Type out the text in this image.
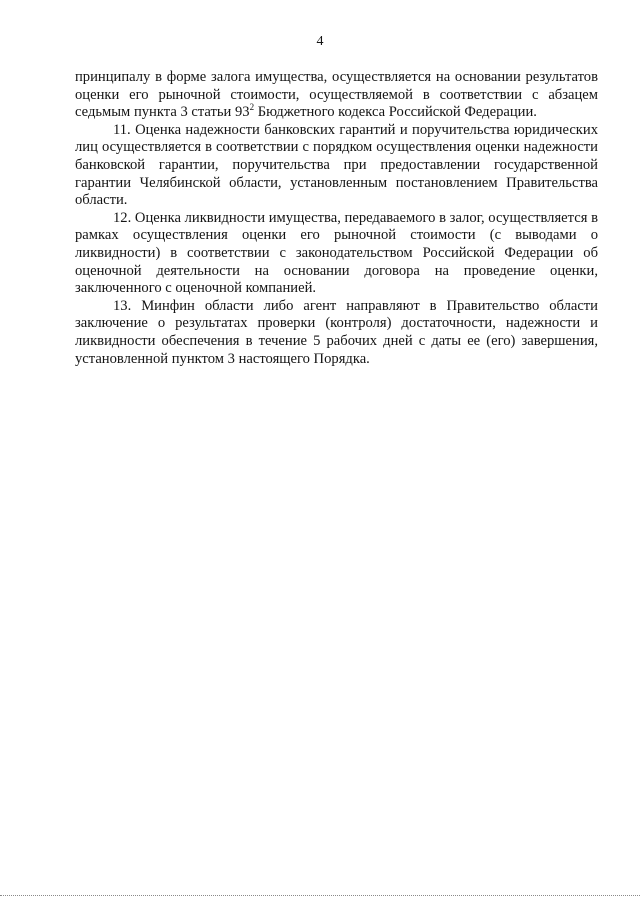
4

принципалу в форме залога имущества, осуществляется на основании результатов оценки его рыночной стоимости, осуществляемой в соответствии с абзацем седьмым пункта 3 статьи $93^2$ Бюджетного кодекса Российской Федерации.

11. Оценка надежности банковских гарантий и поручительства юридических лиц осуществляется в соответствии с порядком осуществления оценки надежности банковской гарантии, поручительства при предоставлении государственной гарантии Челябинской области, установленным постановлением Правительства области.

12. Оценка ликвидности имущества, передаваемого в залог, осуществляется в рамках осуществления оценки его рыночной стоимости (с выводами о ликвидности) в соответствии с законодательством Российской Федерации об оценочной деятельности на основании договора на проведение оценки, заключенного с оценочной компанией.

13. Минфин области либо агент направляют в Правительство области заключение о результатах проверки (контроля) достаточности, надежности и ликвидности обеспечения в течение 5 рабочих дней с даты ее (его) завершения, установленной пунктом 3 настоящего Порядка.
